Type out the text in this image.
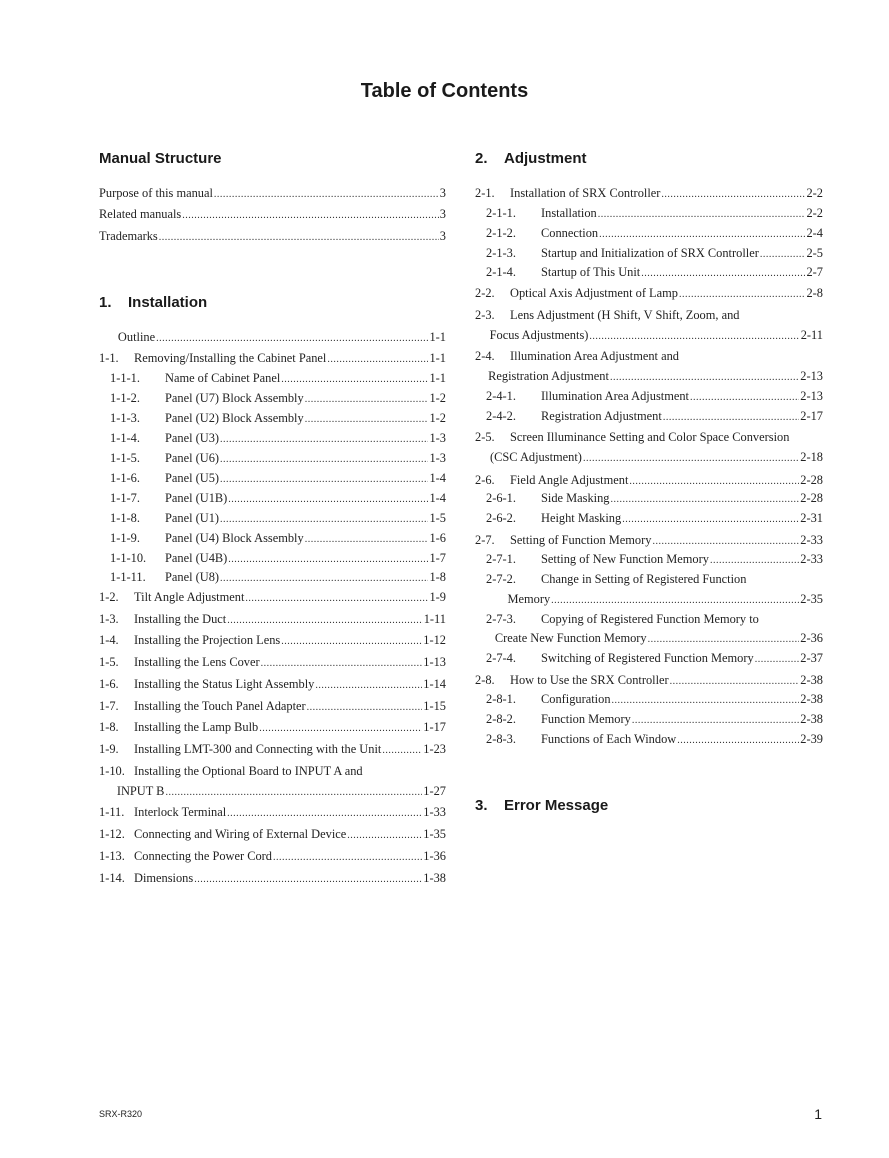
Table of Contents
Manual Structure
Purpose of this manual .....	3
Related manuals .....	3
Trademarks .....	3
1. Installation
Outline .....	1-1
1-1.	Removing/Installing the Cabinet Panel .....	1-1
1-1-1.	Name of Cabinet Panel .....	1-1
1-1-2.	Panel (U7) Block Assembly .....	1-2
1-1-3.	Panel (U2) Block Assembly .....	1-2
1-1-4.	Panel (U3) .....	1-3
1-1-5.	Panel (U6) .....	1-3
1-1-6.	Panel (U5) .....	1-4
1-1-7.	Panel (U1B) .....	1-4
1-1-8.	Panel (U1) .....	1-5
1-1-9.	Panel (U4) Block Assembly .....	1-6
1-1-10.	Panel (U4B) .....	1-7
1-1-11.	Panel (U8) .....	1-8
1-2.	Tilt Angle Adjustment .....	1-9
1-3.	Installing the Duct .....	1-11
1-4.	Installing the Projection Lens .....	1-12
1-5.	Installing the Lens Cover .....	1-13
1-6.	Installing the Status Light Assembly .....	1-14
1-7.	Installing the Touch Panel Adapter .....	1-15
1-8.	Installing the Lamp Bulb .....	1-17
1-9.	Installing LMT-300 and Connecting with the Unit .....	1-23
1-10. Installing the Optional Board to INPUT A and
INPUT B .....	1-27
1-11. Interlock Terminal .....	1-33
1-12. Connecting and Wiring of External Device .....	1-35
1-13. Connecting the Power Cord .....	1-36
1-14. Dimensions .....	1-38
2. Adjustment
2-1.	Installation of SRX Controller .....	2-2
2-1-1.	Installation .....	2-2
2-1-2.	Connection .....	2-4
2-1-3.	Startup and Initialization of SRX Controller .....	2-5
2-1-4.	Startup of This Unit .....	2-7
2-2.	Optical Axis Adjustment of Lamp .....	2-8
2-3.	Lens Adjustment (H Shift, V Shift, Zoom, and
Focus Adjustments) .....	2-11
2-4.	Illumination Area Adjustment and
Registration Adjustment .....	2-13
2-4-1.	Illumination Area Adjustment .....	2-13
2-4-2.	Registration Adjustment .....	2-17
2-5.	Screen Illuminance Setting and Color Space Conversion
(CSC Adjustment) .....	2-18
2-6.	Field Angle Adjustment .....	2-28
2-6-1.	Side Masking .....	2-28
2-6-2.	Height Masking .....	2-31
2-7.	Setting of Function Memory .....	2-33
2-7-1.	Setting of New Function Memory .....	2-33
2-7-2.	Change in Setting of Registered Function
Memory .....	2-35
2-7-3.	Copying of Registered Function Memory to
Create New Function Memory .....	2-36
2-7-4.	Switching of Registered Function Memory .....	2-37
2-8.	How to Use the SRX Controller .....	2-38
2-8-1.	Configuration .....	2-38
2-8-2.	Function Memory .....	2-38
2-8-3.	Functions of Each Window .....	2-39
3. Error Message
SRX-R320	1
